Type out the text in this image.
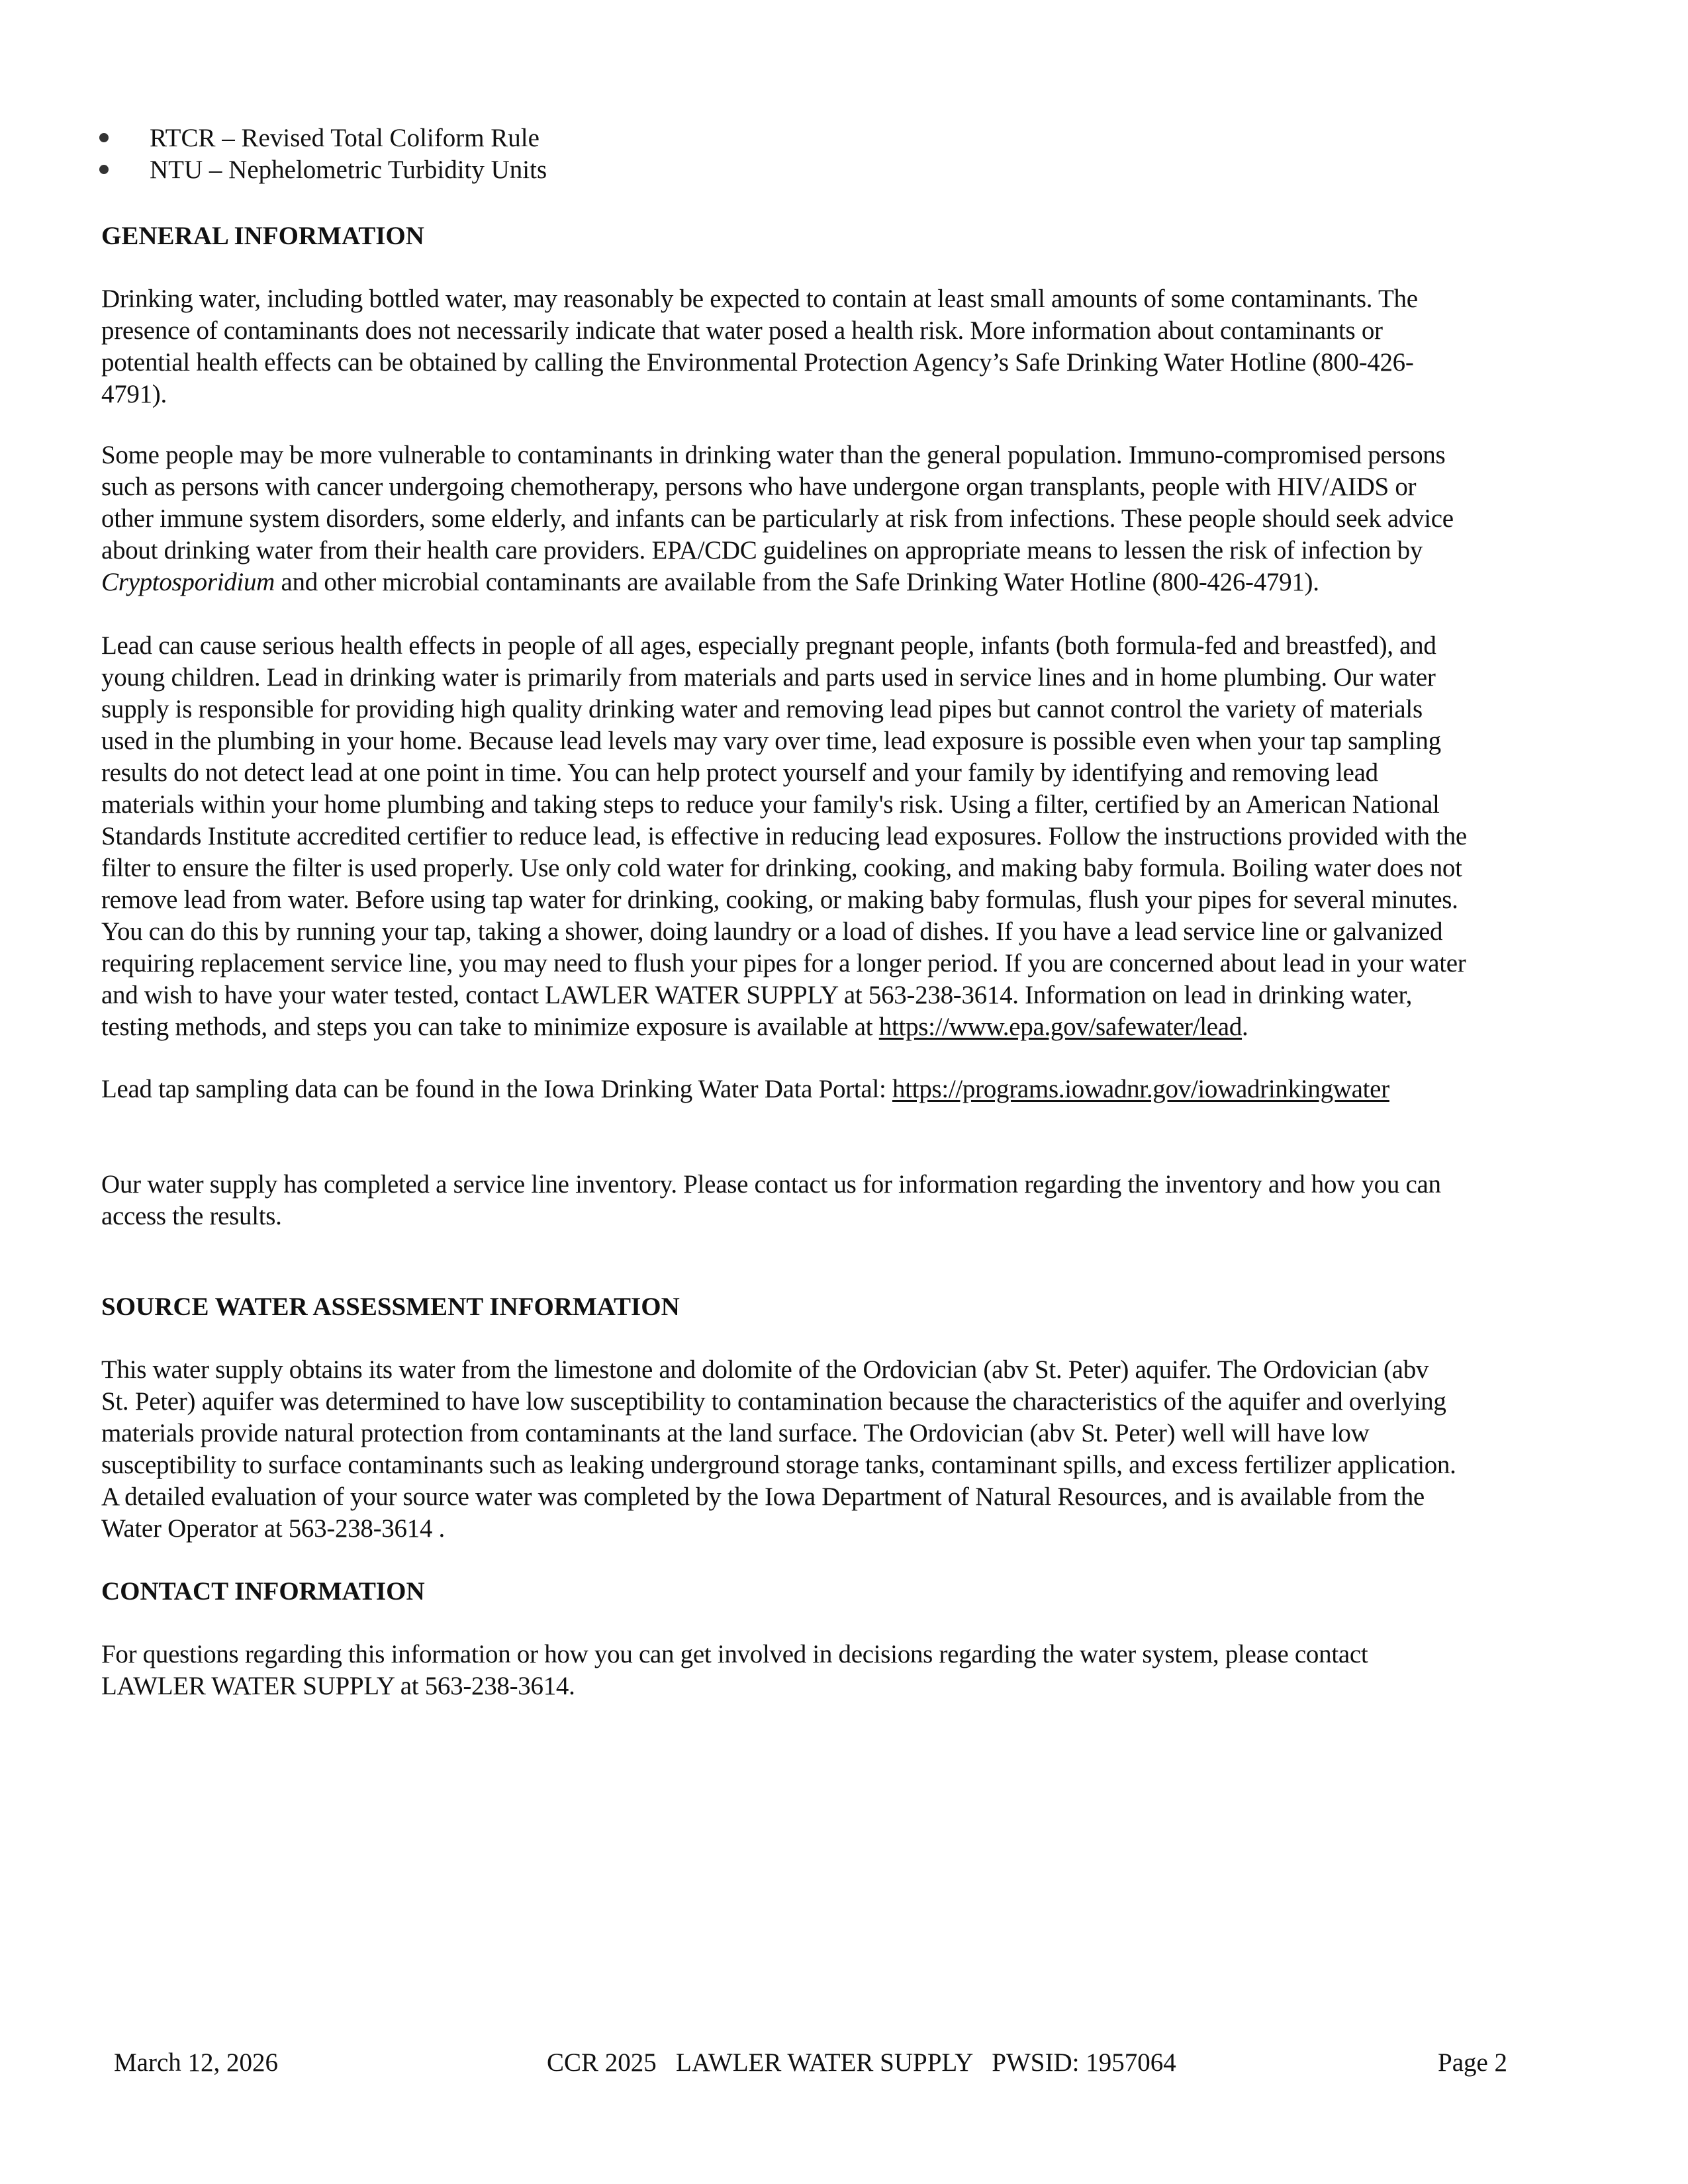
RTCR – Revised Total Coliform Rule
NTU – Nephelometric Turbidity Units
GENERAL INFORMATION
Drinking water, including bottled water, may reasonably be expected to contain at least small amounts of some contaminants. The
presence of contaminants does not necessarily indicate that water posed a health risk. More information about contaminants or
potential health effects can be obtained by calling the Environmental Protection Agency’s Safe Drinking Water Hotline (800-426-
4791).
Some people may be more vulnerable to contaminants in drinking water than the general population. Immuno-compromised persons
such as persons with cancer undergoing chemotherapy, persons who have undergone organ transplants, people with HIV/AIDS or
other immune system disorders, some elderly, and infants can be particularly at risk from infections. These people should seek advice
about drinking water from their health care providers. EPA/CDC guidelines on appropriate means to lessen the risk of infection by
Cryptosporidium and other microbial contaminants are available from the Safe Drinking Water Hotline (800-426-4791).
Lead can cause serious health effects in people of all ages, especially pregnant people, infants (both formula-fed and breastfed), and
young children. Lead in drinking water is primarily from materials and parts used in service lines and in home plumbing. Our water
supply is responsible for providing high quality drinking water and removing lead pipes but cannot control the variety of materials
used in the plumbing in your home. Because lead levels may vary over time, lead exposure is possible even when your tap sampling
results do not detect lead at one point in time. You can help protect yourself and your family by identifying and removing lead
materials within your home plumbing and taking steps to reduce your family's risk. Using a filter, certified by an American National
Standards Institute accredited certifier to reduce lead, is effective in reducing lead exposures. Follow the instructions provided with the
filter to ensure the filter is used properly. Use only cold water for drinking, cooking, and making baby formula. Boiling water does not
remove lead from water. Before using tap water for drinking, cooking, or making baby formulas, flush your pipes for several minutes.
You can do this by running your tap, taking a shower, doing laundry or a load of dishes. If you have a lead service line or galvanized
requiring replacement service line, you may need to flush your pipes for a longer period. If you are concerned about lead in your water
and wish to have your water tested, contact LAWLER WATER SUPPLY at 563-238-3614. Information on lead in drinking water,
testing methods, and steps you can take to minimize exposure is available at https://www.epa.gov/safewater/lead.
Lead tap sampling data can be found in the Iowa Drinking Water Data Portal: https://programs.iowadnr.gov/iowadrinkingwater
Our water supply has completed a service line inventory. Please contact us for information regarding the inventory and how you can
access the results.
SOURCE WATER ASSESSMENT INFORMATION
This water supply obtains its water from the limestone and dolomite of the Ordovician (abv St. Peter) aquifer. The Ordovician (abv
St. Peter) aquifer was determined to have low susceptibility to contamination because the characteristics of the aquifer and overlying
materials provide natural protection from contaminants at the land surface. The Ordovician (abv St. Peter) well will have low
susceptibility to surface contaminants such as leaking underground storage tanks, contaminant spills, and excess fertilizer application.
A detailed evaluation of your source water was completed by the Iowa Department of Natural Resources, and is available from the
Water Operator at 563-238-3614 .
CONTACT INFORMATION
For questions regarding this information or how you can get involved in decisions regarding the water system, please contact
LAWLER WATER SUPPLY at 563-238-3614.
March 12, 2026	CCR 2025   LAWLER WATER SUPPLY   PWSID: 1957064	Page 2
